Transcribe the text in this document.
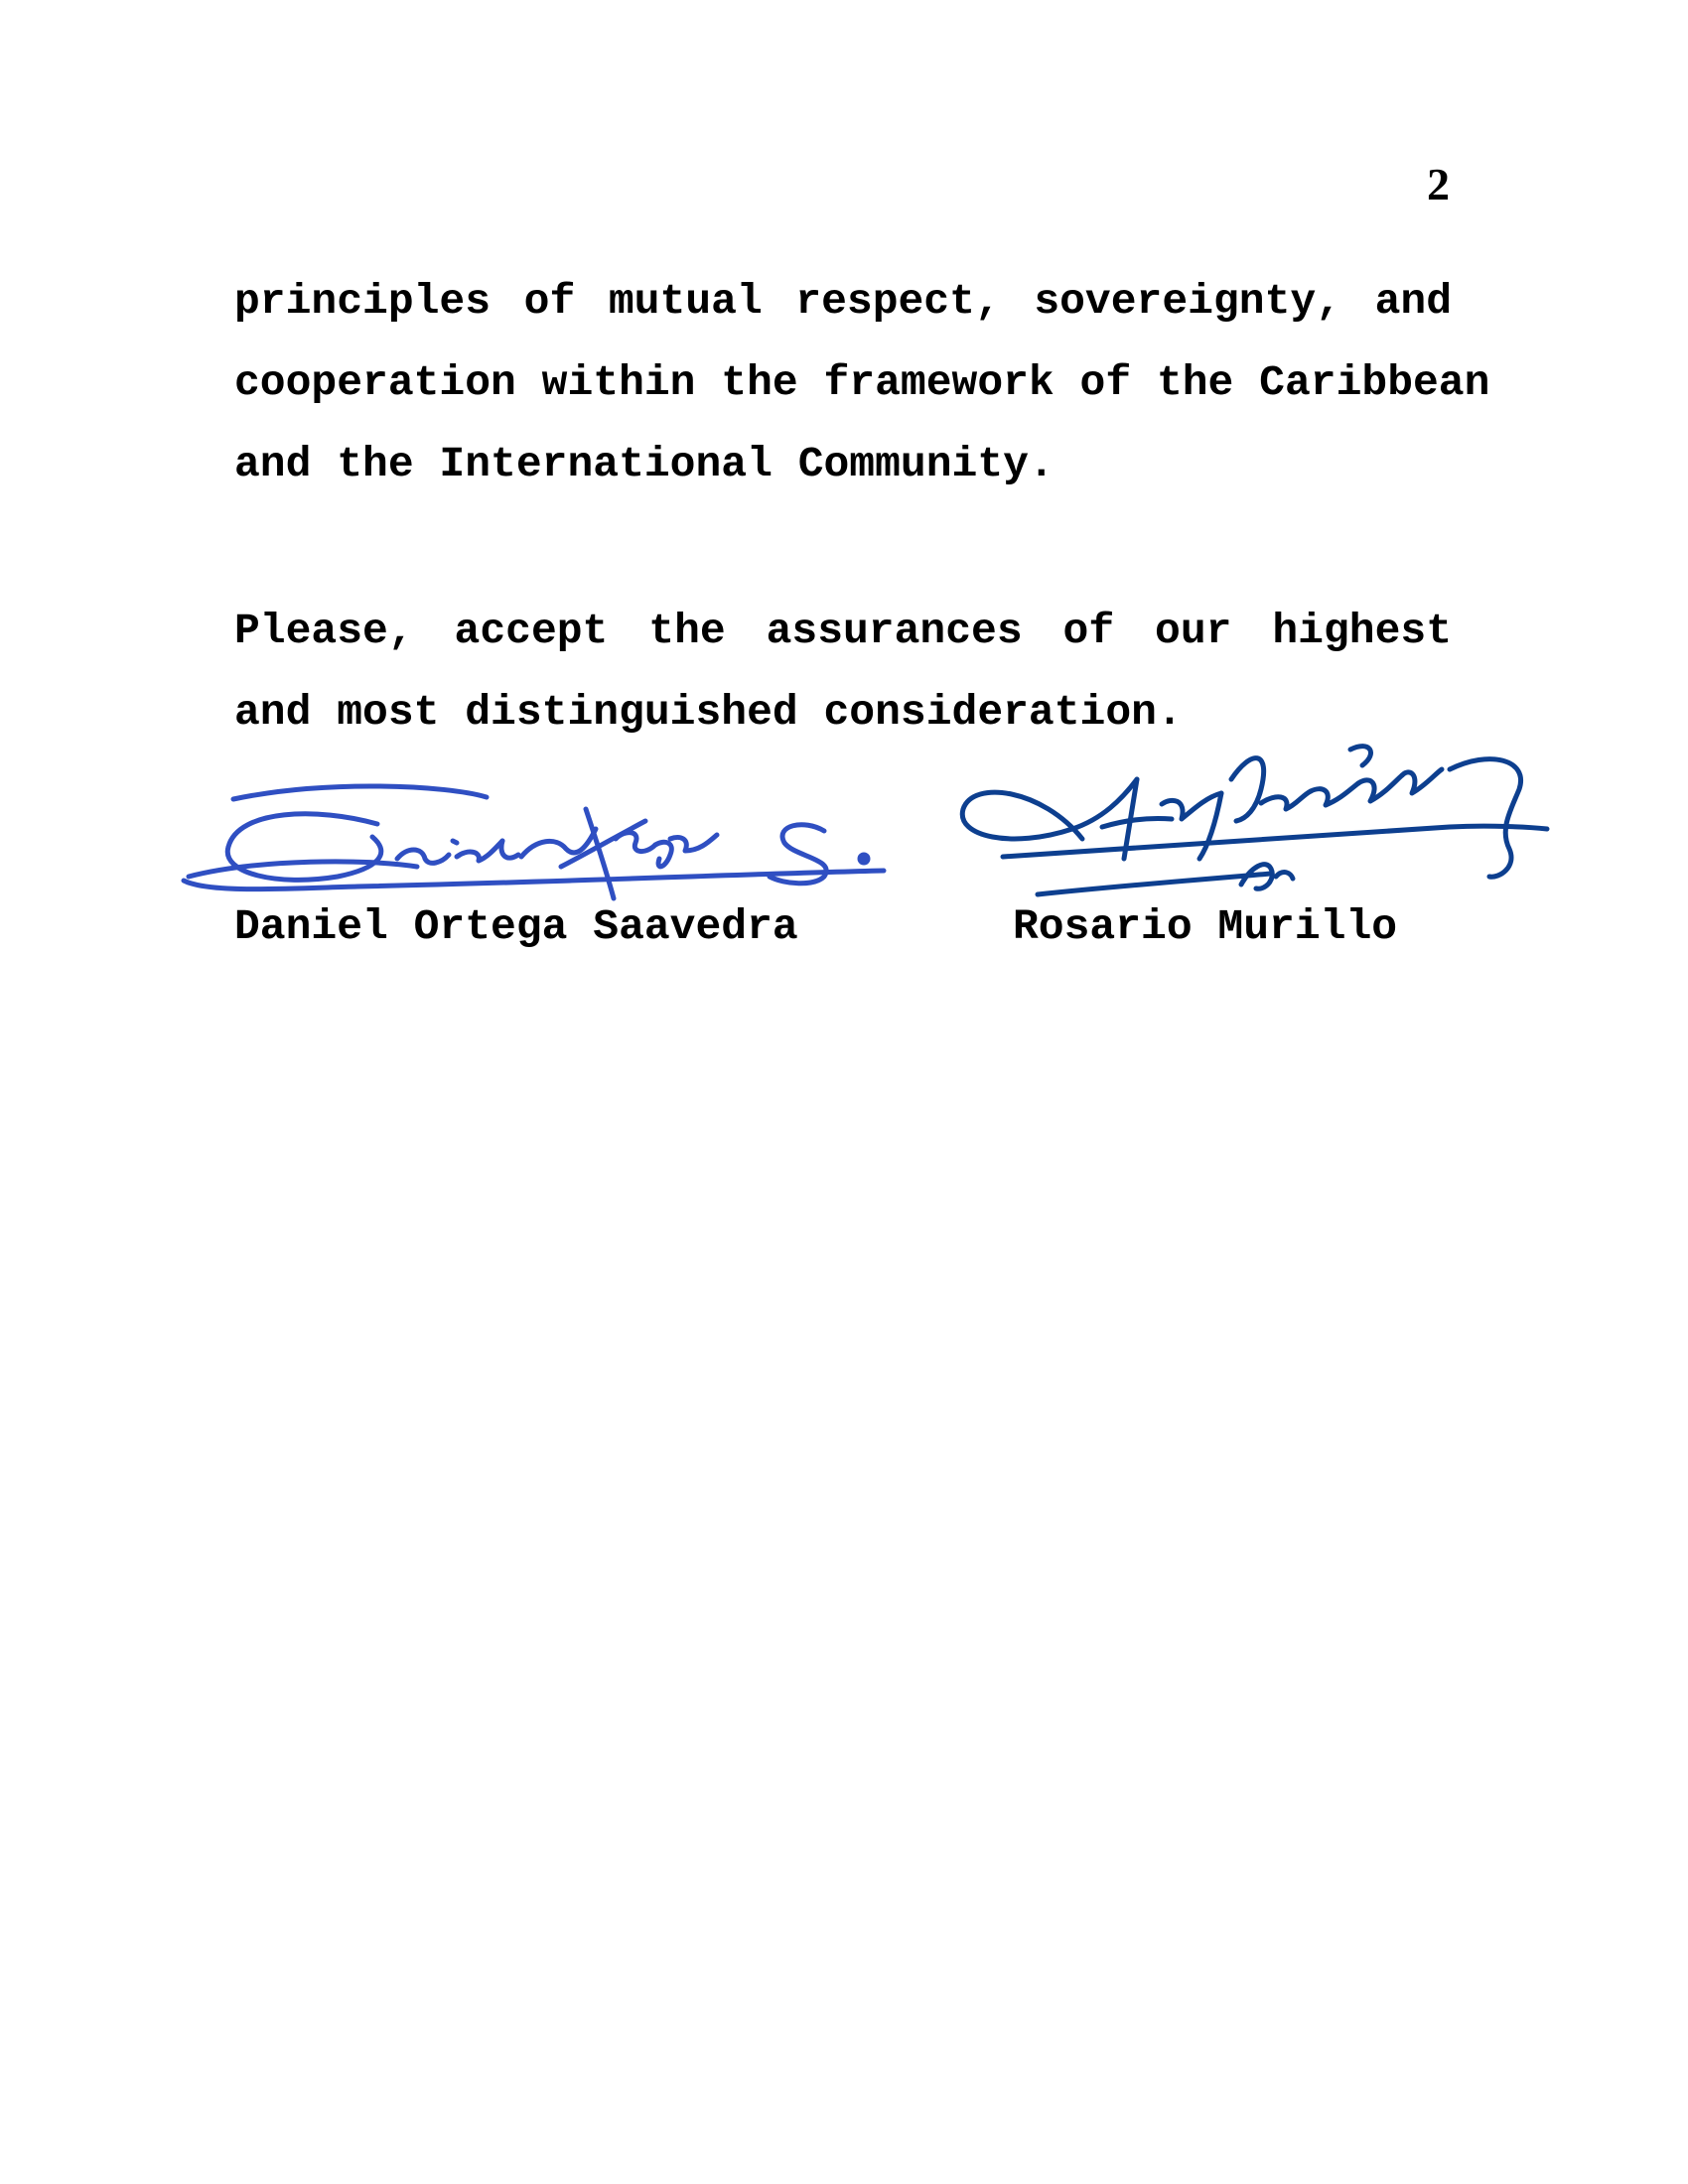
2
principles of mutual respect, sovereignty, and
cooperation within the framework of the Caribbean
and the International Community.
Please, accept the assurances of our highest
and most distinguished consideration.
Daniel Ortega Saavedra	Rosario Murillo
